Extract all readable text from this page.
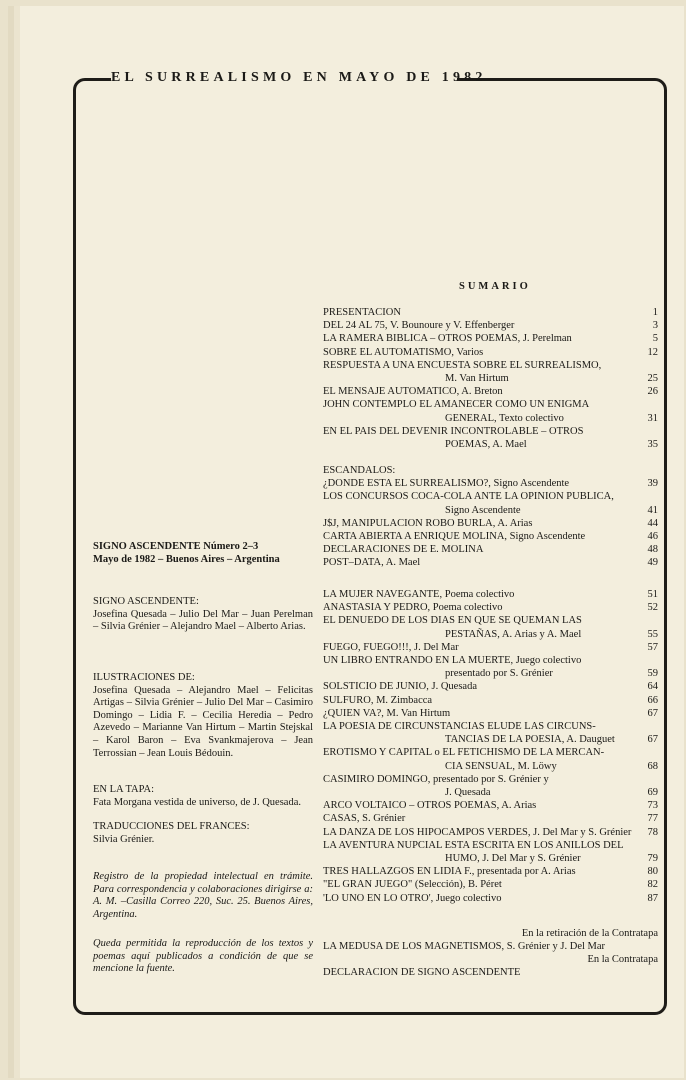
EL SURREALISMO EN MAYO DE 1982
SUMARIO
PRESENTACION	1
DEL 24 AL 75, V. Bounoure y V. Effenberger	3
LA RAMERA BIBLICA – OTROS POEMAS, J. Perelman	5
SOBRE EL AUTOMATISMO, Varios	12
RESPUESTA A UNA ENCUESTA SOBRE EL SURREALISMO,
M. Van Hirtum	25
EL MENSAJE AUTOMATICO, A. Breton	26
JOHN CONTEMPLO EL AMANECER COMO UN ENIGMA
GENERAL, Texto colectivo	31
EN EL PAIS DEL DEVENIR INCONTROLABLE – OTROS
POEMAS, A. Mael	35
ESCANDALOS:
¿DONDE ESTA EL SURREALISMO?, Signo Ascendente	39
LOS CONCURSOS COCA-COLA ANTE LA OPINION PUBLICA,
Signo Ascendente	41
J$J, MANIPULACION ROBO BURLA, A. Arias	44
CARTA ABIERTA A ENRIQUE MOLINA, Signo Ascendente	46
DECLARACIONES DE E. MOLINA	48
POST–DATA, A. Mael	49
LA MUJER NAVEGANTE, Poema colectivo	51
ANASTASIA Y PEDRO, Poema colectivo	52
EL DENUEDO DE LOS DIAS EN QUE SE QUEMAN LAS
PESTAÑAS, A. Arias y A. Mael	55
FUEGO, FUEGO!!!, J. Del Mar	57
UN LIBRO ENTRANDO EN LA MUERTE, Juego colectivo
presentado por S. Grénier	59
SOLSTICIO DE JUNIO, J. Quesada	64
SULFURO, M. Zimbacca	66
¿QUIEN VA?, M. Van Hirtum	67
LA POESIA DE CIRCUNSTANCIAS ELUDE LAS CIRCUNS-
TANCIAS DE LA POESIA, A. Dauguet	67
EROTISMO Y CAPITAL o EL FETICHISMO DE LA MERCAN-
CIA SENSUAL, M. Löwy	68
CASIMIRO DOMINGO, presentado por S. Grénier y
J. Quesada	69
ARCO VOLTAICO – OTROS POEMAS, A. Arias	73
CASAS, S. Grénier	77
LA DANZA DE LOS HIPOCAMPOS VERDES, J. Del Mar y S. Grénier	78
LA AVENTURA NUPCIAL ESTA ESCRITA EN LOS ANILLOS DEL
HUMO, J. Del Mar y S. Grénier	79
TRES HALLAZGOS EN LIDIA F., presentada por A. Arias	80
"EL GRAN JUEGO" (Selección), B. Péret	82
'LO UNO EN LO OTRO', Juego colectivo	87
En la retiración de la Contratapa
LA MEDUSA DE LOS MAGNETISMOS, S. Grénier y J. Del Mar
En la Contratapa
DECLARACION DE SIGNO ASCENDENTE
SIGNO ASCENDENTE Número 2–3
Mayo de 1982 – Buenos Aires – Argentina
SIGNO ASCENDENTE:
Josefina Quesada – Julio Del Mar – Juan Perelman – Silvia Grénier – Alejandro Mael – Alberto Arias.
ILUSTRACIONES DE:
Josefina Quesada – Alejandro Mael – Felicitas Artigas – Silvia Grénier – Julio Del Mar – Casimiro Domingo – Lidia F. – Cecilia Heredia – Pedro Azevedo – Marianne Van Hirtum – Martin Stejskal – Karol Baron – Eva Svankmajerova – Jean Terrossian – Jean Louis Bédouin.
EN LA TAPA:
Fata Morgana vestida de universo, de J. Quesada.
TRADUCCIONES DEL FRANCES:
Silvia Grénier.
Registro de la propiedad intelectual en trámite. Para correspondencia y colaboraciones dirigirse a: A. M. –Casilla Correo 220, Suc. 25. Buenos Aires, Argentina.
Queda permitida la reproducción de los textos y poemas aquí publicados a condición de que se mencione la fuente.
